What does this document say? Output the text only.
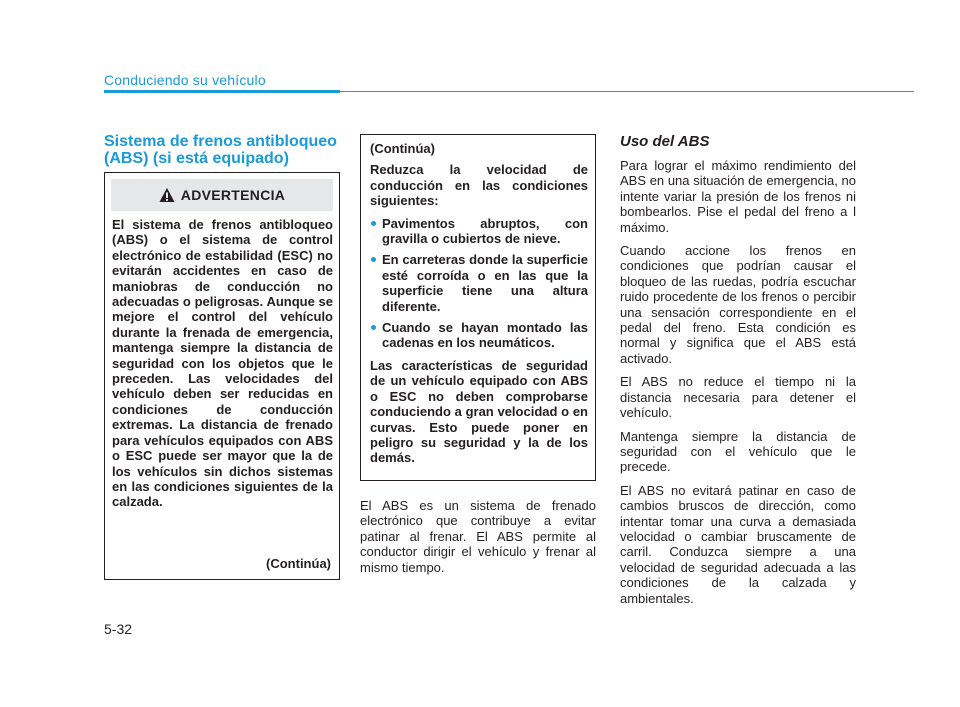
Conduciendo su vehículo
Sistema de frenos antibloqueo (ABS) (si está equipado)
ADVERTENCIA

El sistema de frenos antibloqueo (ABS) o el sistema de control electrónico de estabilidad (ESC) no evitarán accidentes en caso de maniobras de conducción no adecuadas o peligrosas. Aunque se mejore el control del vehículo durante la frenada de emergencia, mantenga siempre la distancia de seguridad con los objetos que le preceden. Las velocidades del vehículo deben ser reducidas en condiciones de conducción extremas. La distancia de frenado para vehículos equipados con ABS o ESC puede ser mayor que la de los vehículos sin dichos sistemas en las condiciones siguientes de la calzada.

(Continúa)

(Continúa)

Reduzca la velocidad de conducción en las condiciones siguientes:

Pavimentos abruptos, con gravilla o cubiertos de nieve.
En carreteras donde la superficie esté corroída o en las que la superficie tiene una altura diferente.
Cuando se hayan montado las cadenas en los neumáticos.

Las características de seguridad de un vehículo equipado con ABS o ESC no deben comprobarse conduciendo a gran velocidad o en curvas. Esto puede poner en peligro su seguridad y la de los demás.

El ABS es un sistema de frenado electrónico que contribuye a evitar patinar al frenar. El ABS permite al conductor dirigir el vehículo y frenar al mismo tiempo.

Uso del ABS

Para lograr el máximo rendimiento del ABS en una situación de emergencia, no intente variar la presión de los frenos ni bombearlos. Pise el pedal del freno a l máximo.

Cuando accione los frenos en condiciones que podrían causar el bloqueo de las ruedas, podría escuchar ruido procedente de los frenos o percibir una sensación correspondiente en el pedal del freno. Esta condición es normal y significa que el ABS está activado.

El ABS no reduce el tiempo ni la distancia necesaria para detener el vehículo.

Mantenga siempre la distancia de seguridad con el vehículo que le precede.

El ABS no evitará patinar en caso de cambios bruscos de dirección, como intentar tomar una curva a demasiada velocidad o cambiar bruscamente de carril. Conduzca siempre a una velocidad de seguridad adecuada a las condiciones de la calzada y ambientales.

5-32
